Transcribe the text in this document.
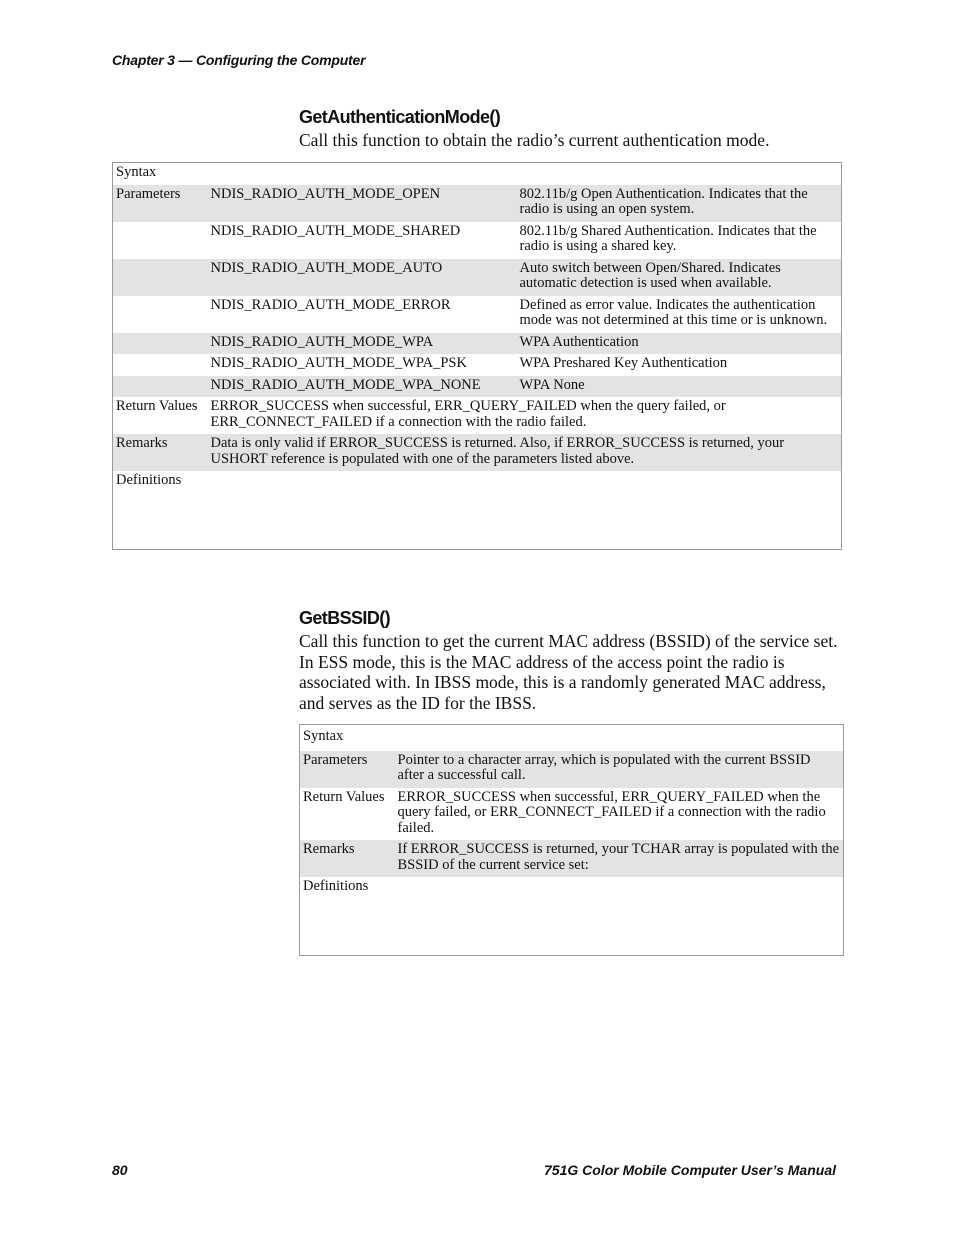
Chapter 3 — Configuring the Computer
GetAuthenticationMode()
Call this function to obtain the radio’s current authentication mode.
Syntax		
Parameters	NDIS_RADIO_AUTH_MODE_OPEN	802.11b/g Open Authentication. Indicates that the radio is using an open system.
	NDIS_RADIO_AUTH_MODE_SHARED	802.11b/g Shared Authentication. Indicates that the radio is using a shared key.
	NDIS_RADIO_AUTH_MODE_AUTO	Auto switch between Open/Shared. Indicates automatic detection is used when available.
	NDIS_RADIO_AUTH_MODE_ERROR	Defined as error value. Indicates the authentication mode was not determined at this time or is unknown.
	NDIS_RADIO_AUTH_MODE_WPA	WPA Authentication
	NDIS_RADIO_AUTH_MODE_WPA_PSK	WPA Preshared Key Authentication
	NDIS_RADIO_AUTH_MODE_WPA_NONE	WPA None
Return Values	ERROR_SUCCESS when successful, ERR_QUERY_FAILED when the query failed, or ERR_CONNECT_FAILED if a connection with the radio failed.	
Remarks	Data is only valid if ERROR_SUCCESS is returned. Also, if ERROR_SUCCESS is returned, your USHORT reference is populated with one of the parameters listed above.	
Definitions		
GetBSSID()
Call this function to get the current MAC address (BSSID) of the service set. In ESS mode, this is the MAC address of the access point the radio is associated with. In IBSS mode, this is a randomly generated MAC address, and serves as the ID for the IBSS.
Syntax	
Parameters	Pointer to a character array, which is populated with the current BSSID after a successful call.
Return Values	ERROR_SUCCESS when successful, ERR_QUERY_FAILED when the query failed, or ERR_CONNECT_FAILED if a connection with the radio failed.
Remarks	If ERROR_SUCCESS is returned, your TCHAR array is populated with the BSSID of the current service set:
Definitions	
80	751G Color Mobile Computer User’s Manual
